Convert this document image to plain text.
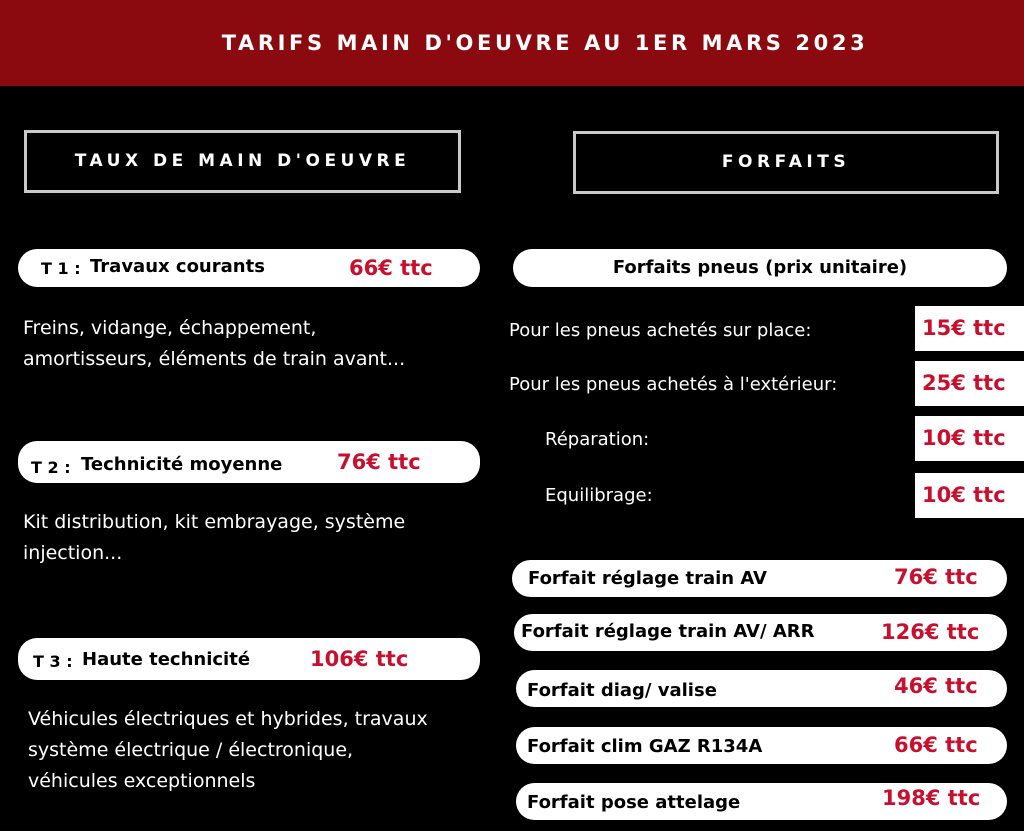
TARIFS MAIN D'OEUVRE AU 1ER MARS 2023
TAUX DE MAIN D'OEUVRE	FORFAITS
T 1 : Travaux courants	66€ ttc
Freins, vidange, échappement,
amortisseurs, éléments de train avant...
T 2 : Technicité moyenne	76€ ttc
Kit distribution, kit embrayage, système
injection...
T 3 : Haute technicité	106€ ttc
Véhicules électriques et hybrides, travaux
système électrique / électronique,
véhicules exceptionnels
Forfaits pneus (prix unitaire)
Pour les pneus achetés sur place:	15€ ttc
Pour les pneus achetés à l'extérieur:	25€ ttc
Réparation:	10€ ttc
Equilibrage:	10€ ttc
Forfait réglage train AV	76€ ttc
Forfait réglage train AV/ ARR	126€ ttc
Forfait diag/ valise	46€ ttc
Forfait clim GAZ R134A	66€ ttc
Forfait pose attelage	198€ ttc
